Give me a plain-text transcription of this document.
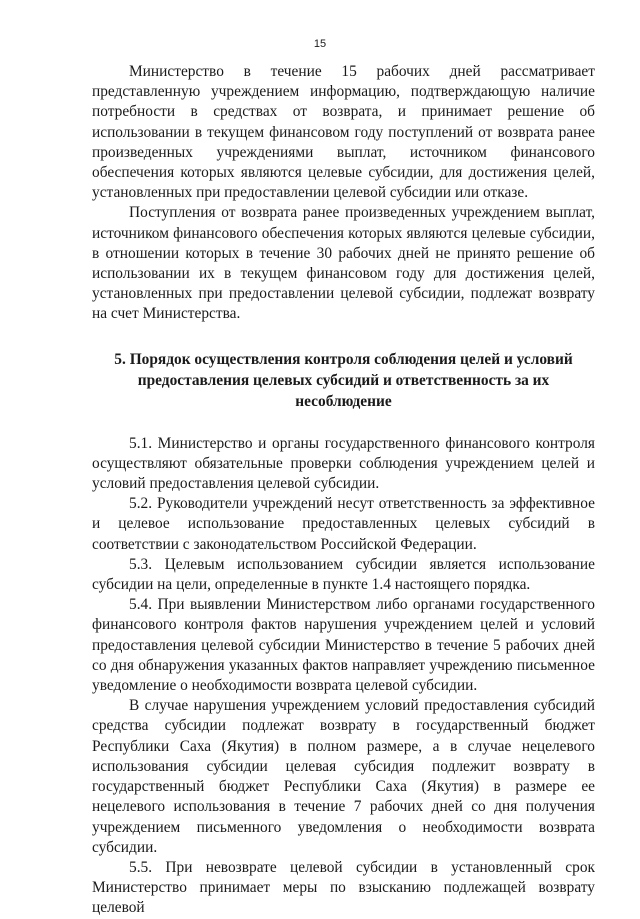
15

Министерство в течение 15 рабочих дней рассматривает представленную учреждением информацию, подтверждающую наличие потребности в средствах от возврата, и принимает решение об использовании в текущем финансовом году поступлений от возврата ранее произведенных учреждениями выплат, источником финансового обеспечения которых являются целевые субсидии, для достижения целей, установленных при предоставлении целевой субсидии или отказе.

Поступления от возврата ранее произведенных учреждением выплат, источником финансового обеспечения которых являются целевые субсидии, в отношении которых в течение 30 рабочих дней не принято решение об использовании их в текущем финансовом году для достижения целей, установленных при предоставлении целевой субсидии, подлежат возврату на счет Министерства.

5. Порядок осуществления контроля соблюдения целей и условий предоставления целевых субсидий и ответственность за их несоблюдение

5.1. Министерство и органы государственного финансового контроля осуществляют обязательные проверки соблюдения учреждением целей и условий предоставления целевой субсидии.

5.2. Руководители учреждений несут ответственность за эффективное и целевое использование предоставленных целевых субсидий в соответствии с законодательством Российской Федерации.

5.3. Целевым использованием субсидии является использование субсидии на цели, определенные в пункте 1.4 настоящего порядка.

5.4. При выявлении Министерством либо органами государственного финансового контроля фактов нарушения учреждением целей и условий предоставления целевой субсидии Министерство в течение 5 рабочих дней со дня обнаружения указанных фактов направляет учреждению письменное уведомление о необходимости возврата целевой субсидии.

В случае нарушения учреждением условий предоставления субсидий средства субсидии подлежат возврату в государственный бюджет Республики Саха (Якутия) в полном размере, а в случае нецелевого использования субсидии целевая субсидия подлежит возврату в государственный бюджет Республики Саха (Якутия) в размере ее нецелевого использования в течение 7 рабочих дней со дня получения учреждением письменного уведомления о необходимости возврата субсидии.

5.5. При невозврате целевой субсидии в установленный срок Министерство принимает меры по взысканию подлежащей возврату целевой
